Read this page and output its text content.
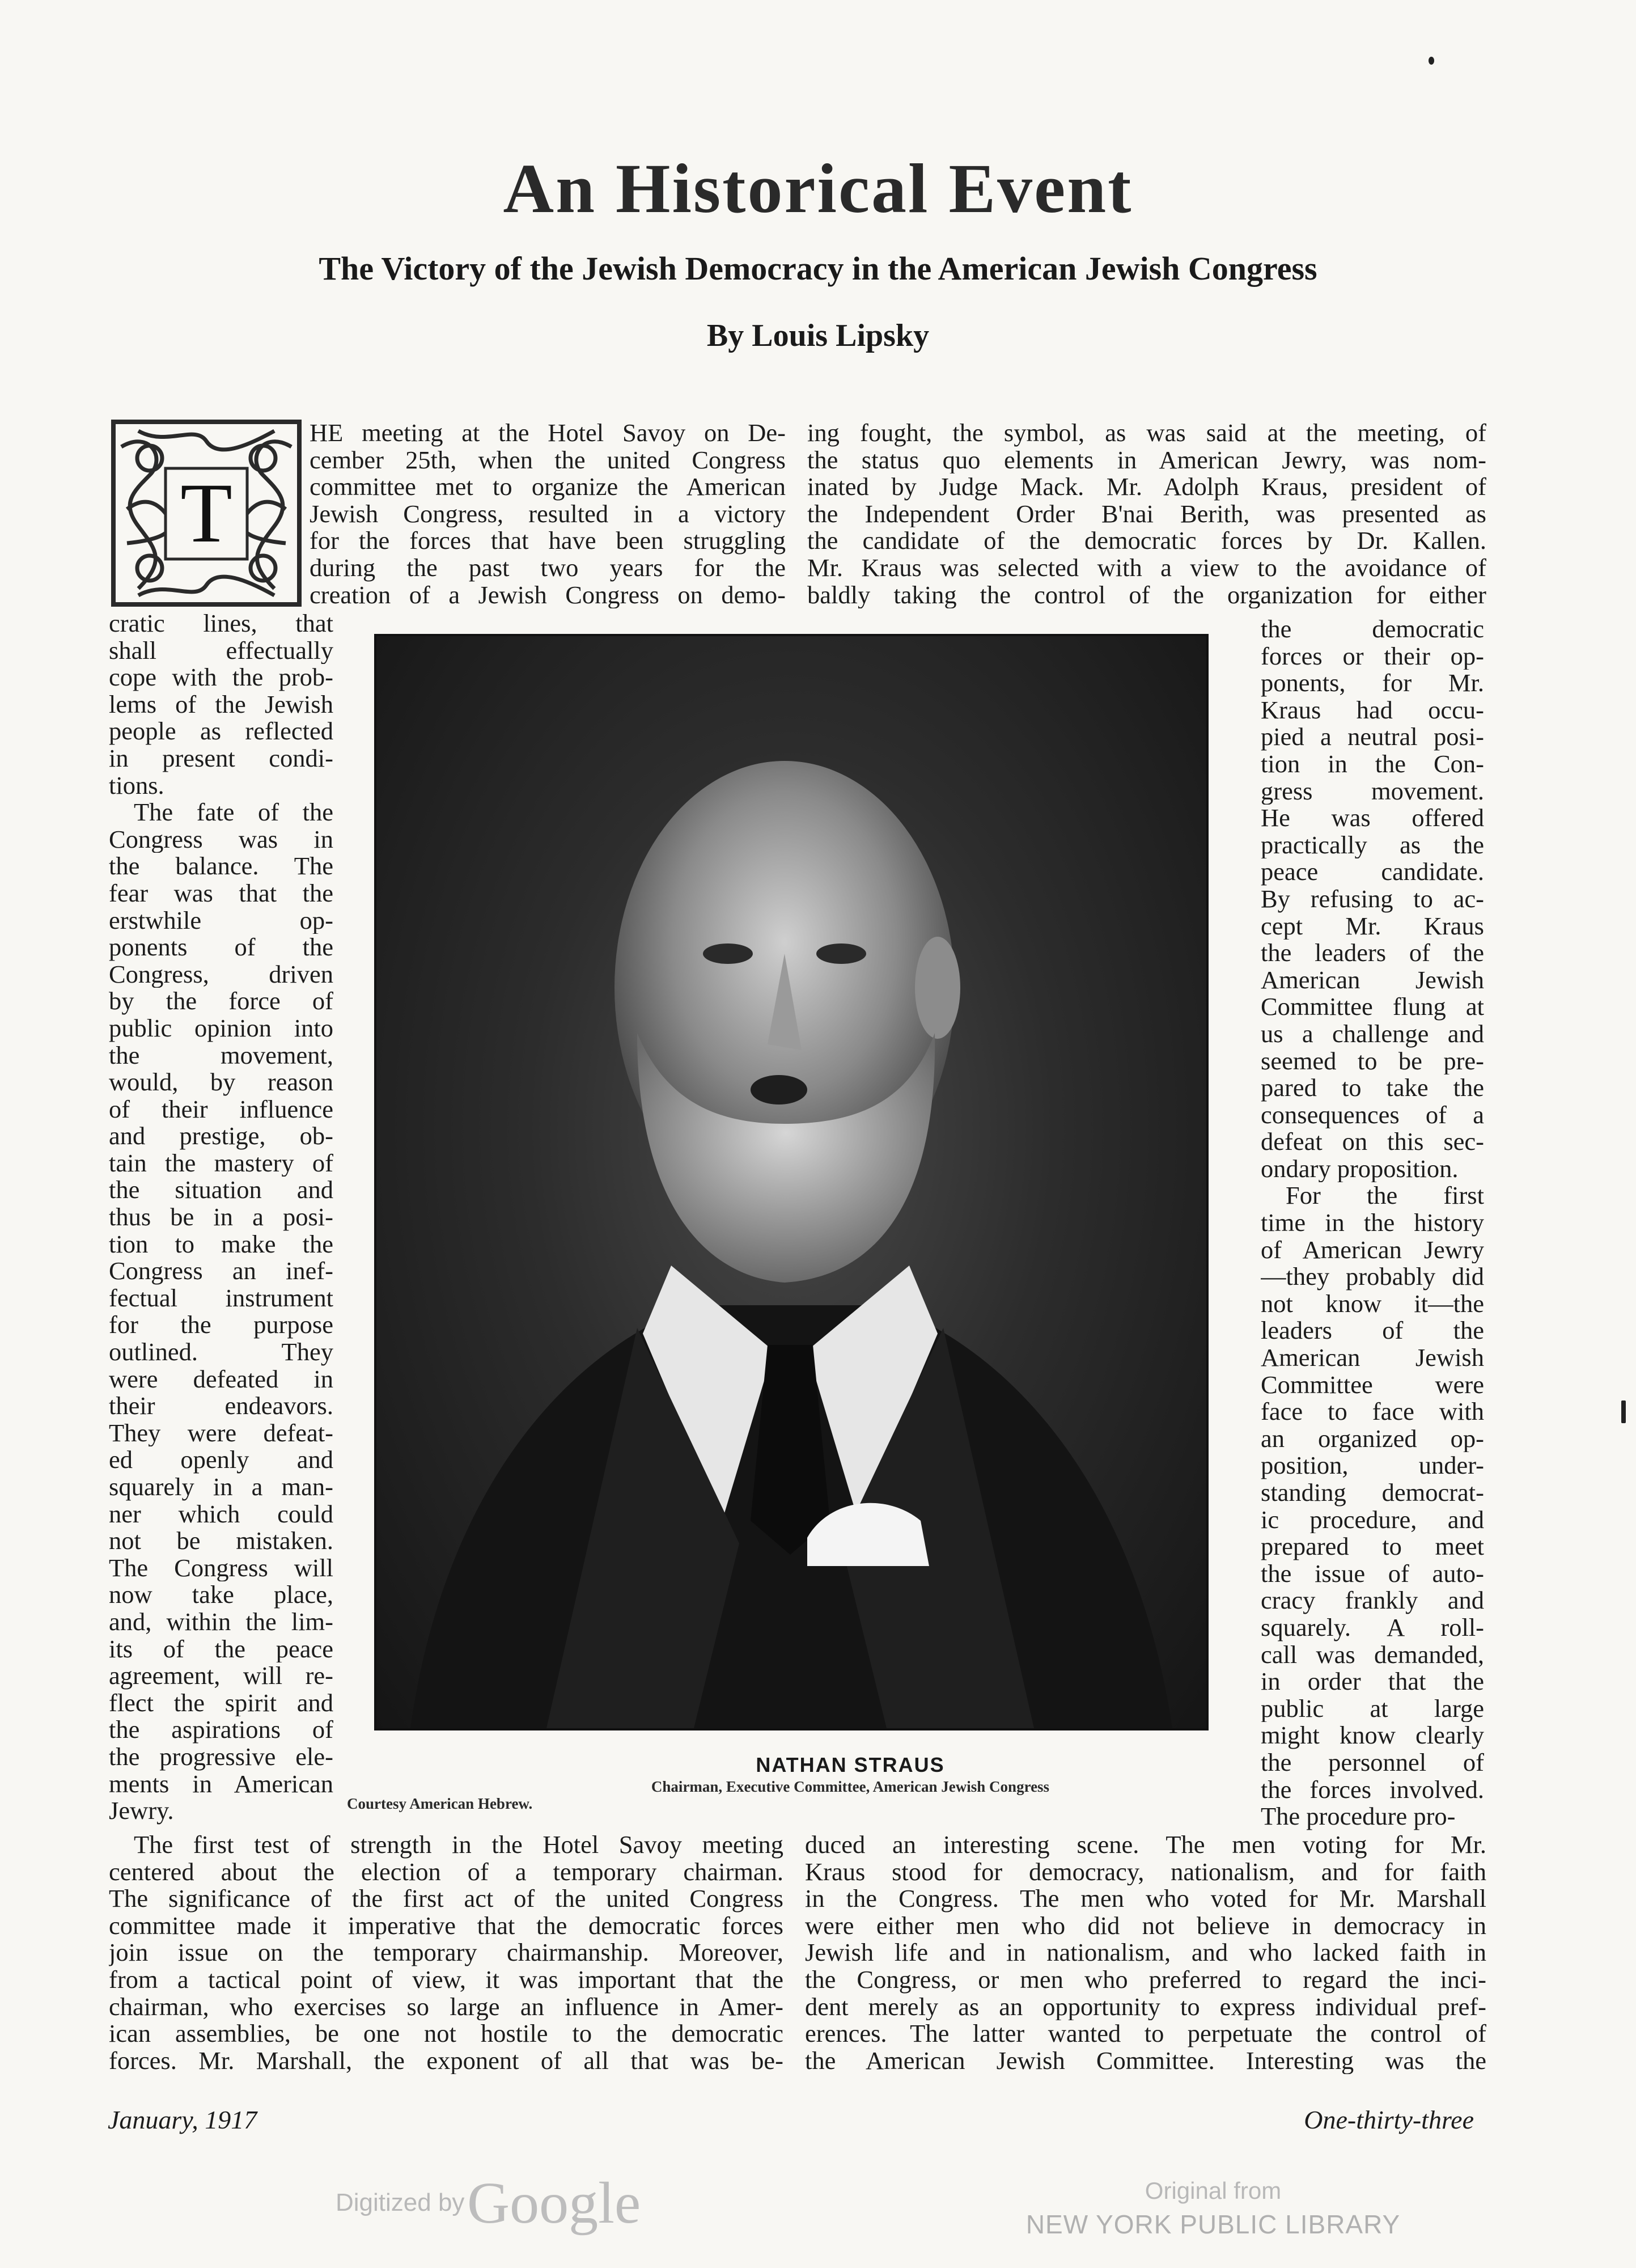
An Historical Event
The Victory of the Jewish Democracy in the American Jewish Congress
By Louis Lipsky
T
HE meeting at the Hotel Savoy on De-
cember 25th, when the united Congress
committee met to organize the American
Jewish Congress, resulted in a victory
for the forces that have been struggling
during the past two years for the
creation of a Jewish Congress on demo-
ing fought, the symbol, as was said at the meeting, of
the status quo elements in American Jewry, was nom-
inated by Judge Mack. Mr. Adolph Kraus, president of
the Independent Order B'nai Berith, was presented as
the candidate of the democratic forces by Dr. Kallen.
Mr. Kraus was selected with a view to the avoidance of
baldly taking the control of the organization for either
cratic lines, that
shall effectually
cope with the prob-
lems of the Jewish
people as reflected
in present condi-
tions.
The fate of the
Congress was in
the balance. The
fear was that the
erstwhile op-
ponents of the
Congress, driven
by the force of
public opinion into
the movement,
would, by reason
of their influence
and prestige, ob-
tain the mastery of
the situation and
thus be in a posi-
tion to make the
Congress an inef-
fectual instrument
for the purpose
outlined. They
were defeated in
their endeavors.
They were defeat-
ed openly and
squarely in a man-
ner which could
not be mistaken.
The Congress will
now take place,
and, within the lim-
its of the peace
agreement, will re-
flect the spirit and
the aspirations of
the progressive ele-
ments in American
Jewry.
the democratic
forces or their op-
ponents, for Mr.
Kraus had occu-
pied a neutral posi-
tion in the Con-
gress movement.
He was offered
practically as the
peace candidate.
By refusing to ac-
cept Mr. Kraus
the leaders of the
American Jewish
Committee flung at
us a challenge and
seemed to be pre-
pared to take the
consequences of a
defeat on this sec-
ondary proposition.
For the first
time in the history
of American Jewry
—they probably did
not know it—the
leaders of the
American Jewish
Committee were
face to face with
an organized op-
position, under-
standing democrat-
ic procedure, and
prepared to meet
the issue of auto-
cracy frankly and
squarely. A roll-
call was demanded,
in order that the
public at large
might know clearly
the personnel of
the forces involved.
The procedure pro-
NATHAN STRAUS
Chairman, Executive Committee, American Jewish Congress
Courtesy American Hebrew.
The first test of strength in the Hotel Savoy meeting
centered about the election of a temporary chairman.
The significance of the first act of the united Congress
committee made it imperative that the democratic forces
join issue on the temporary chairmanship. Moreover,
from a tactical point of view, it was important that the
chairman, who exercises so large an influence in Amer-
ican assemblies, be one not hostile to the democratic
forces. Mr. Marshall, the exponent of all that was be-
duced an interesting scene. The men voting for Mr.
Kraus stood for democracy, nationalism, and for faith
in the Congress. The men who voted for Mr. Marshall
were either men who did not believe in democracy in
Jewish life and in nationalism, and who lacked faith in
the Congress, or men who preferred to regard the inci-
dent merely as an opportunity to express individual pref-
erences. The latter wanted to perpetuate the control of
the American Jewish Committee. Interesting was the
January, 1917	One-thirty-three
Digitized by Google	Original from
NEW YORK PUBLIC LIBRARY
